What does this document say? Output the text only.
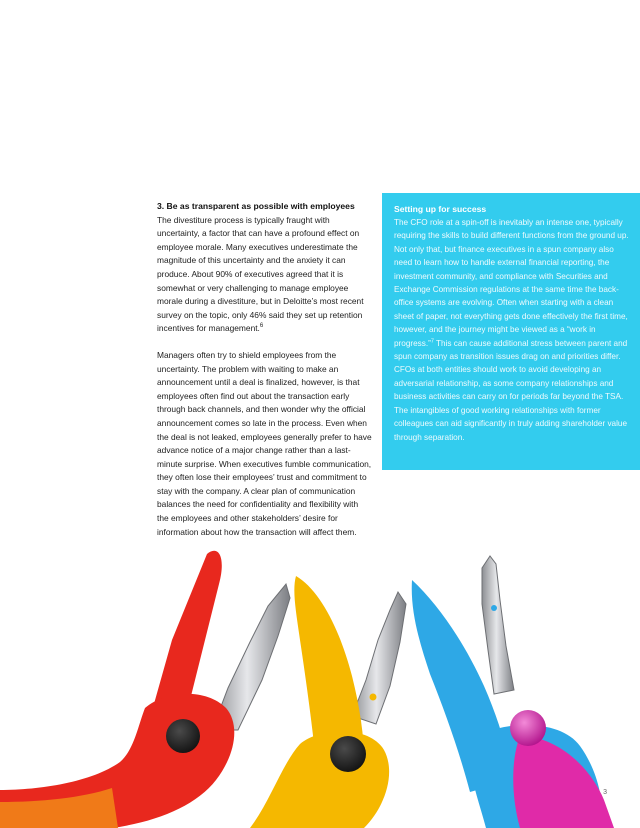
3. Be as transparent as possible with employees

The divestiture process is typically fraught with uncertainty, a factor that can have a profound effect on employee morale. Many executives underestimate the magnitude of this uncertainty and the anxiety it can produce. About 90% of executives agreed that it is somewhat or very challenging to manage employee morale during a divestiture, but in Deloitte’s most recent survey on the topic, only 46% said they set up retention incentives for management.$^6$

Managers often try to shield employees from the uncertainty. The problem with waiting to make an announcement until a deal is finalized, however, is that employees often find out about the transaction early through back channels, and then wonder why the official announcement comes so late in the process. Even when the deal is not leaked, employees generally prefer to have advance notice of a major change rather than a last-minute surprise. When executives fumble communication, they often lose their employees’ trust and commitment to stay with the company. A clear plan of communication balances the need for confidentiality and flexibility with the employees and other stakeholders’ desire for information about how the transaction will affect them.

Setting up for success

The CFO role at a spin-off is inevitably an intense one, typically requiring the skills to build different functions from the ground up. Not only that, but finance executives in a spun company also need to learn how to handle external financial reporting, the investment community, and compliance with Securities and Exchange Commission regulations at the same time the back-office systems are evolving. Often when starting with a clean sheet of paper, not everything gets done effectively the first time, however, and the journey might be viewed as a “work in progress.”$^7$ This can cause additional stress between parent and spun company as transition issues drag on and priorities differ. CFOs at both entities should work to avoid developing an adversarial relationship, as some company relationships and business activities can carry on for periods far beyond the TSA. The intangibles of good working relationships with former colleagues can aid significantly in truly adding shareholder value through separation.

3
